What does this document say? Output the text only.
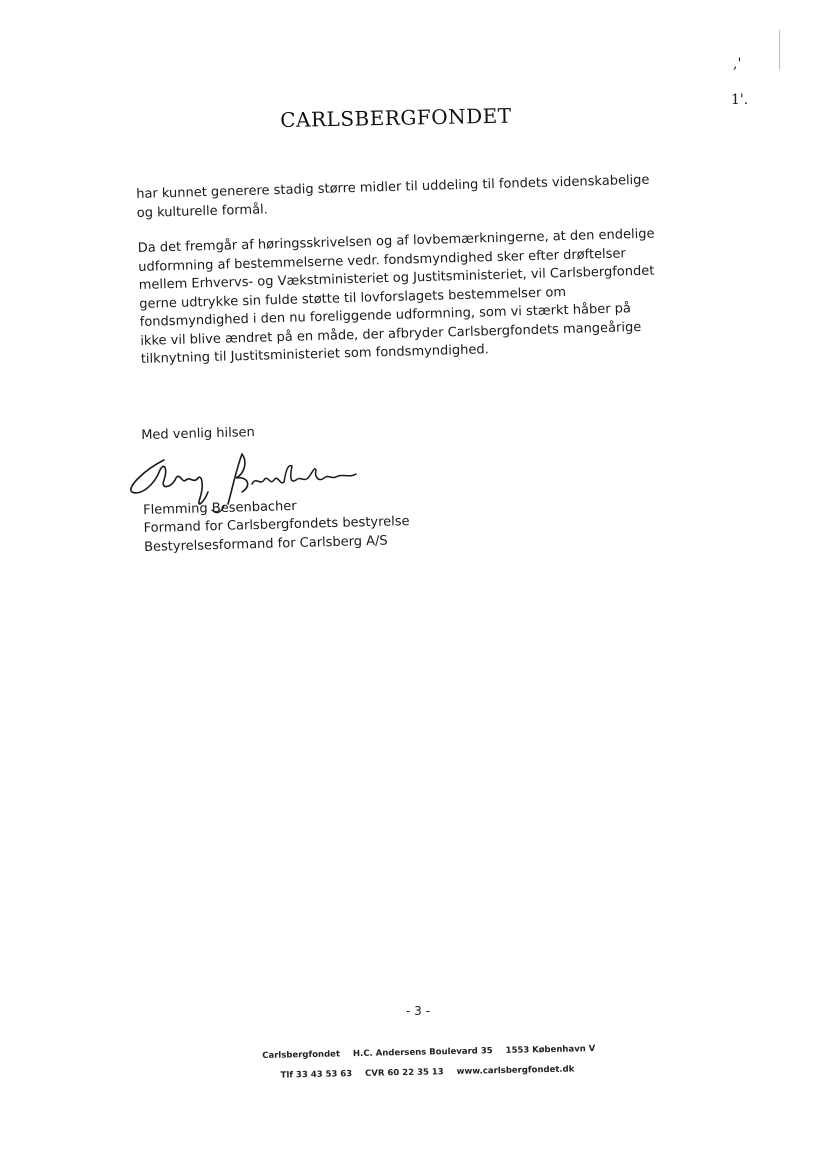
,'
1'.
CARLSBERGFONDET

har kunnet generere stadig større midler til uddeling til fondets videnskabelige og kulturelle formål.

Da det fremgår af høringsskrivelsen og af lovbemærkningerne, at den endelige udformning af bestemmelserne vedr. fondsmyndighed sker efter drøftelser mellem Erhvervs- og Vækstministeriet og Justitsministeriet, vil Carlsbergfondet gerne udtrykke sin fulde støtte til lovforslagets bestemmelser om fondsmyndighed i den nu foreliggende udformning, som vi stærkt håber på ikke vil blive ændret på en måde, der afbryder Carlsbergfondets mangeårige tilknytning til Justitsministeriet som fondsmyndighed.

Med venlig hilsen
Flemming Besenbacher
Formand for Carlsbergfondets bestyrelse
Bestyrelsesformand for Carlsberg A/S
- 3 -
Carlsbergfondet H.C. Andersens Boulevard 35 1553 København V
Tlf 33 43 53 63 CVR 60 22 35 13 www.carlsbergfondet.dk
